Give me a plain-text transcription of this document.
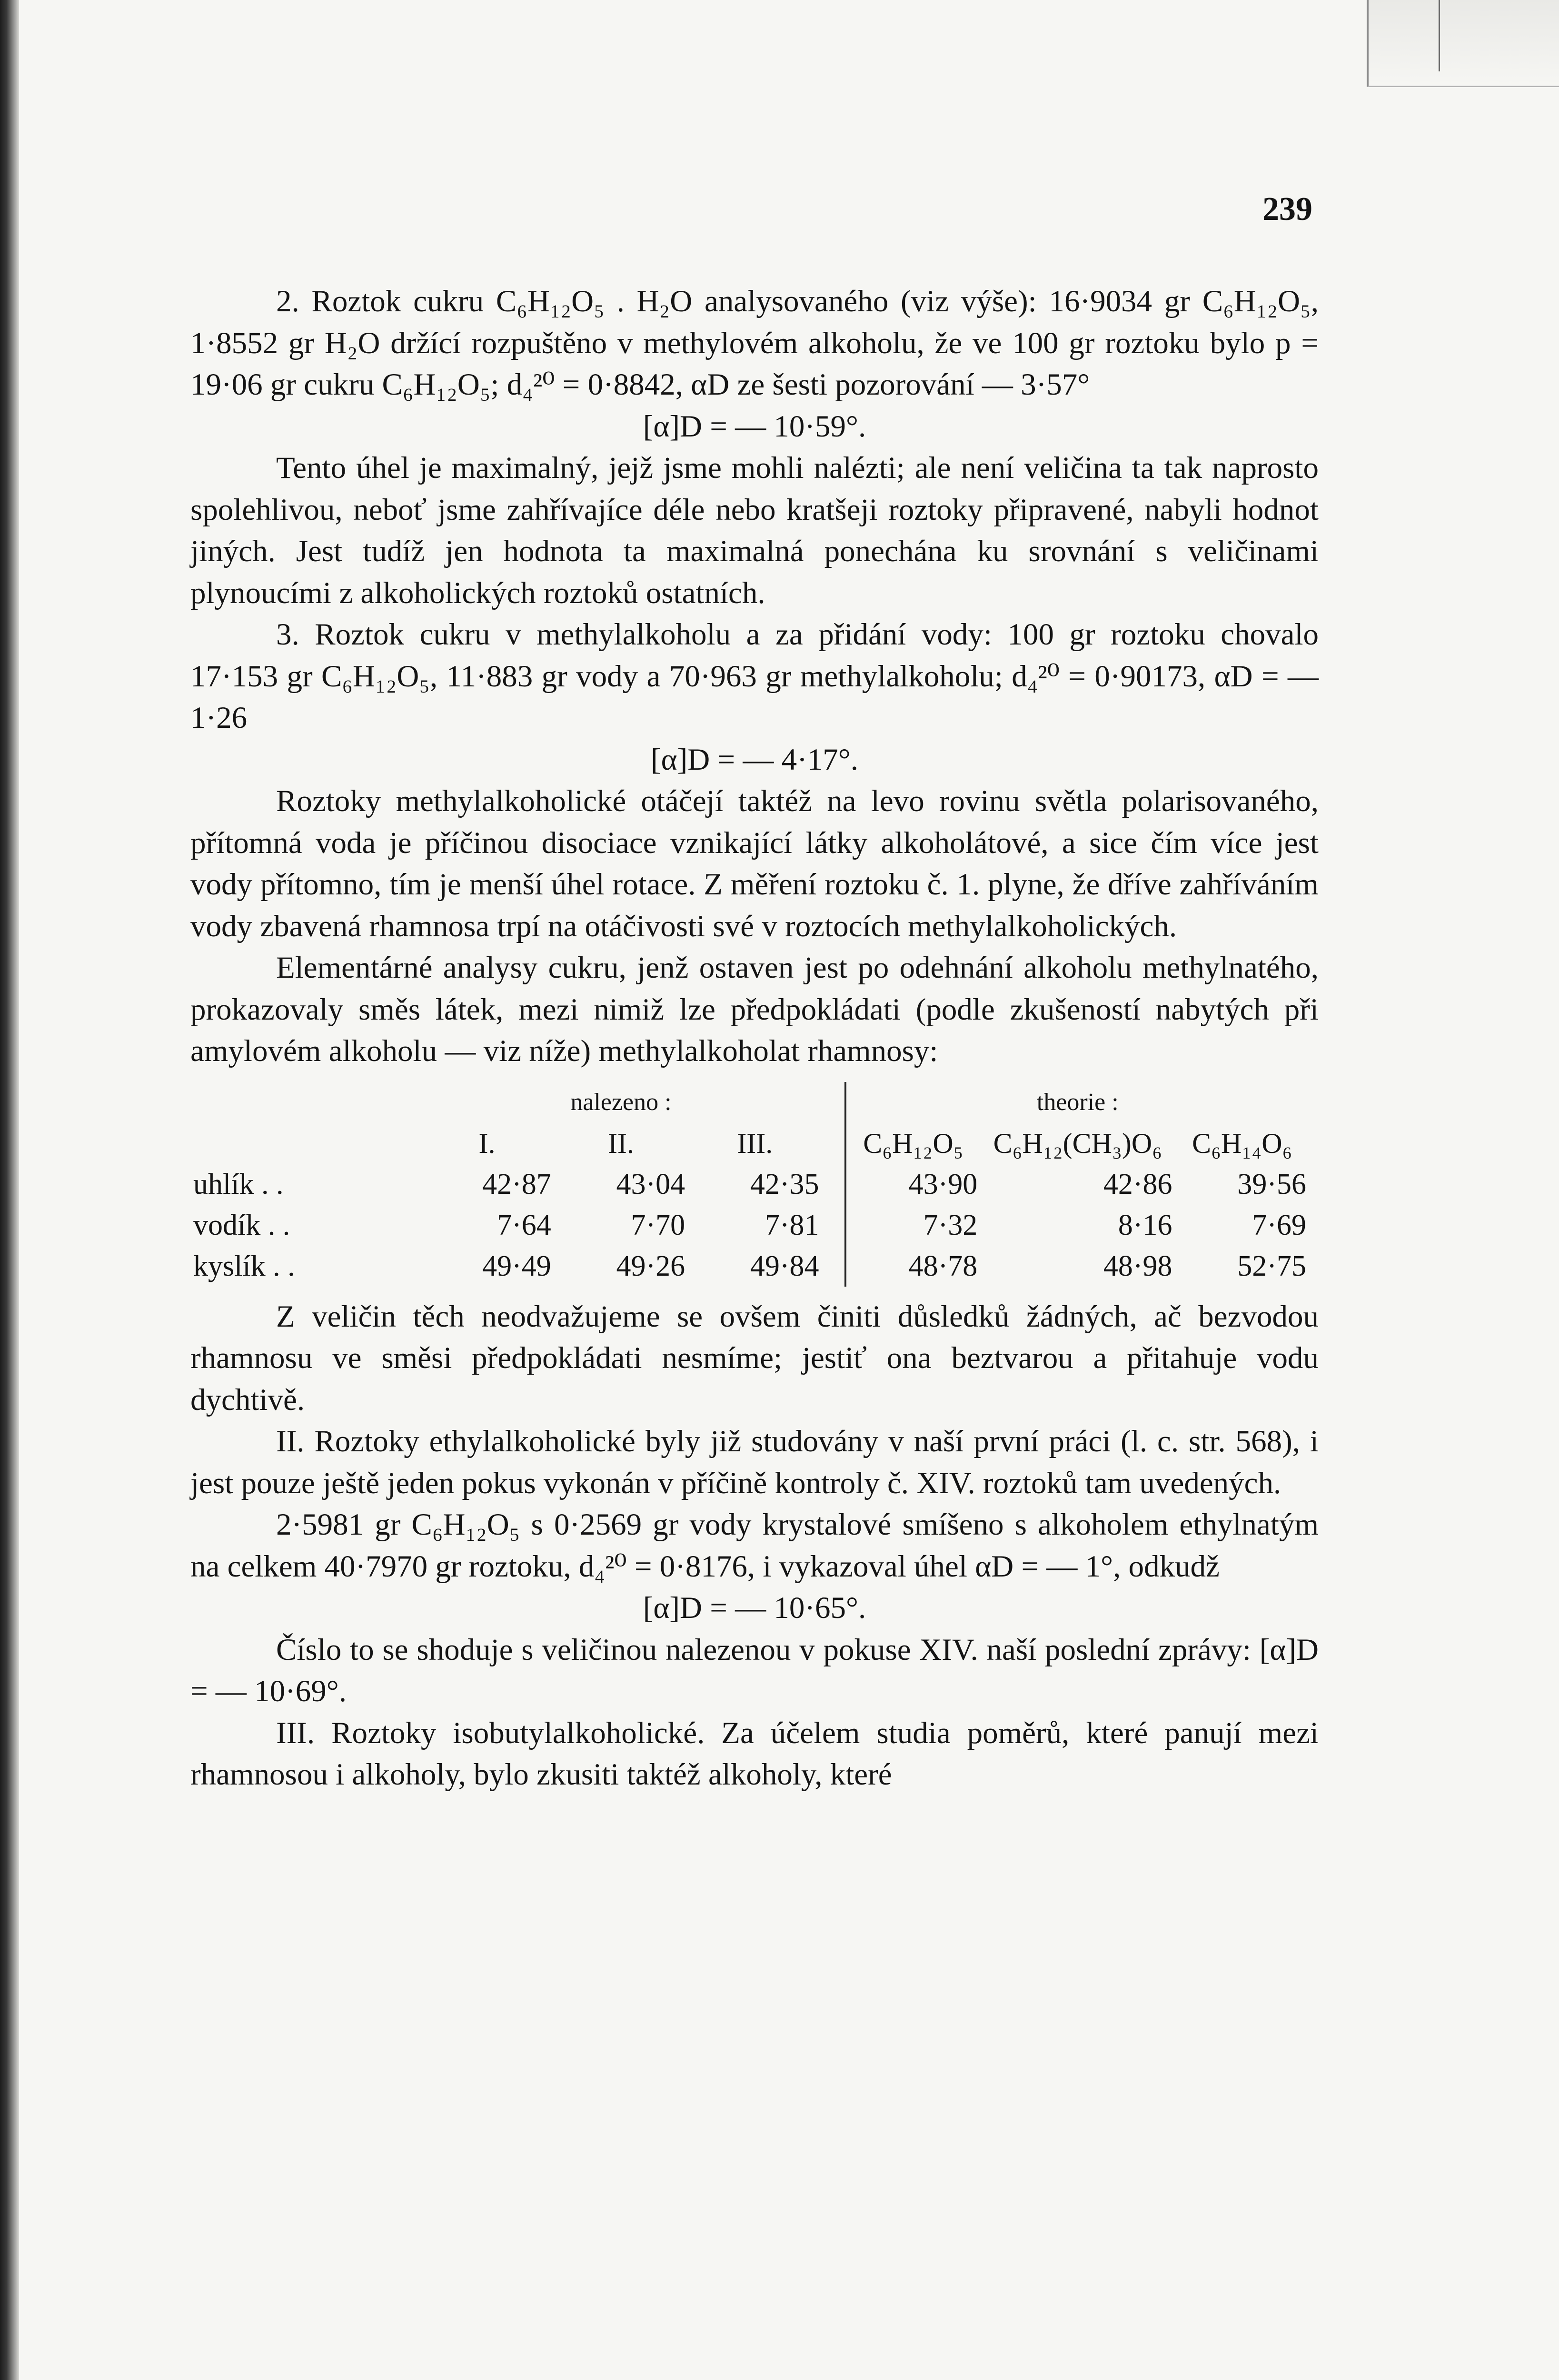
239

2. Roztok cukru C₆H₁₂O₅ . H₂O analysovaného (viz výše): 16·9034 gr C₆H₁₂O₅, 1·8552 gr H₂O držící rozpuštěno v methylovém alkoholu, že ve 100 gr roztoku bylo p = 19·06 gr cukru C₆H₁₂O₅; d₄²⁰ = 0·8842, αD ze šesti pozorování — 3·57°

[α]D = — 10·59°.

Tento úhel je maximalný, jejž jsme mohli nalézti; ale není veličina ta tak naprosto spolehlivou, neboť jsme zahřívajíce déle nebo kratšeji roztoky připravené, nabyli hodnot jiných. Jest tudíž jen hodnota ta maximalná ponechána ku srovnání s veličinami plynoucími z alkoholických roztoků ostatních.

3. Roztok cukru v methylalkoholu a za přidání vody: 100 gr roztoku chovalo 17·153 gr C₆H₁₂O₅, 11·883 gr vody a 70·963 gr methylalkoholu; d₄²⁰ = 0·90173, αD = — 1·26

[α]D = — 4·17°.

Roztoky methylalkoholické otáčejí taktéž na levo rovinu světla polarisovaného, přítomná voda je příčinou disociace vznikající látky alkoholátové, a sice čím více jest vody přítomno, tím je menší úhel rotace. Z měření roztoku č. 1. plyne, že dříve zahříváním vody zbavená rhamnosa trpí na otáčivosti své v roztocích methylalkoholických.

Elementárné analysy cukru, jenž ostaven jest po odehnání alkoholu methylnatého, prokazovaly směs látek, mezi nimiž lze předpokládati (podle zkušeností nabytých při amylovém alkoholu — viz níže) methylalkoholat rhamnosy:

	nalezeno :				theorie :		
	I.	II.	III.		C₆H₁₂O₅	C₆H₁₂(CH₃)O₆	C₆H₁₄O₆
uhlík . .	42·87	43·04	42·35		43·90	42·86	39·56
vodík . .	7·64	7·70	7·81		7·32	8·16	7·69
kyslík . .	49·49	49·26	49·84		48·78	48·98	52·75

Z veličin těch neodvažujeme se ovšem činiti důsledků žádných, ač bezvodou rhamnosu ve směsi předpokládati nesmíme; jestiť ona beztvarou a přitahuje vodu dychtivě.

II. Roztoky ethylalkoholické byly již studovány v naší první práci (l. c. str. 568), i jest pouze ještě jeden pokus vykonán v příčině kontroly č. XIV. roztoků tam uvedených.

2·5981 gr C₆H₁₂O₅ s 0·2569 gr vody krystalové smíšeno s alkoholem ethylnatým na celkem 40·7970 gr roztoku, d₄²⁰ = 0·8176, i vykazoval úhel αD = — 1°, odkudž

[α]D = — 10·65°.

Číslo to se shoduje s veličinou nalezenou v pokuse XIV. naší poslední zprávy: [α]D = — 10·69°.

III. Roztoky isobutylalkoholické. Za účelem studia poměrů, které panují mezi rhamnosou i alkoholy, bylo zkusiti taktéž alkoholy, které
